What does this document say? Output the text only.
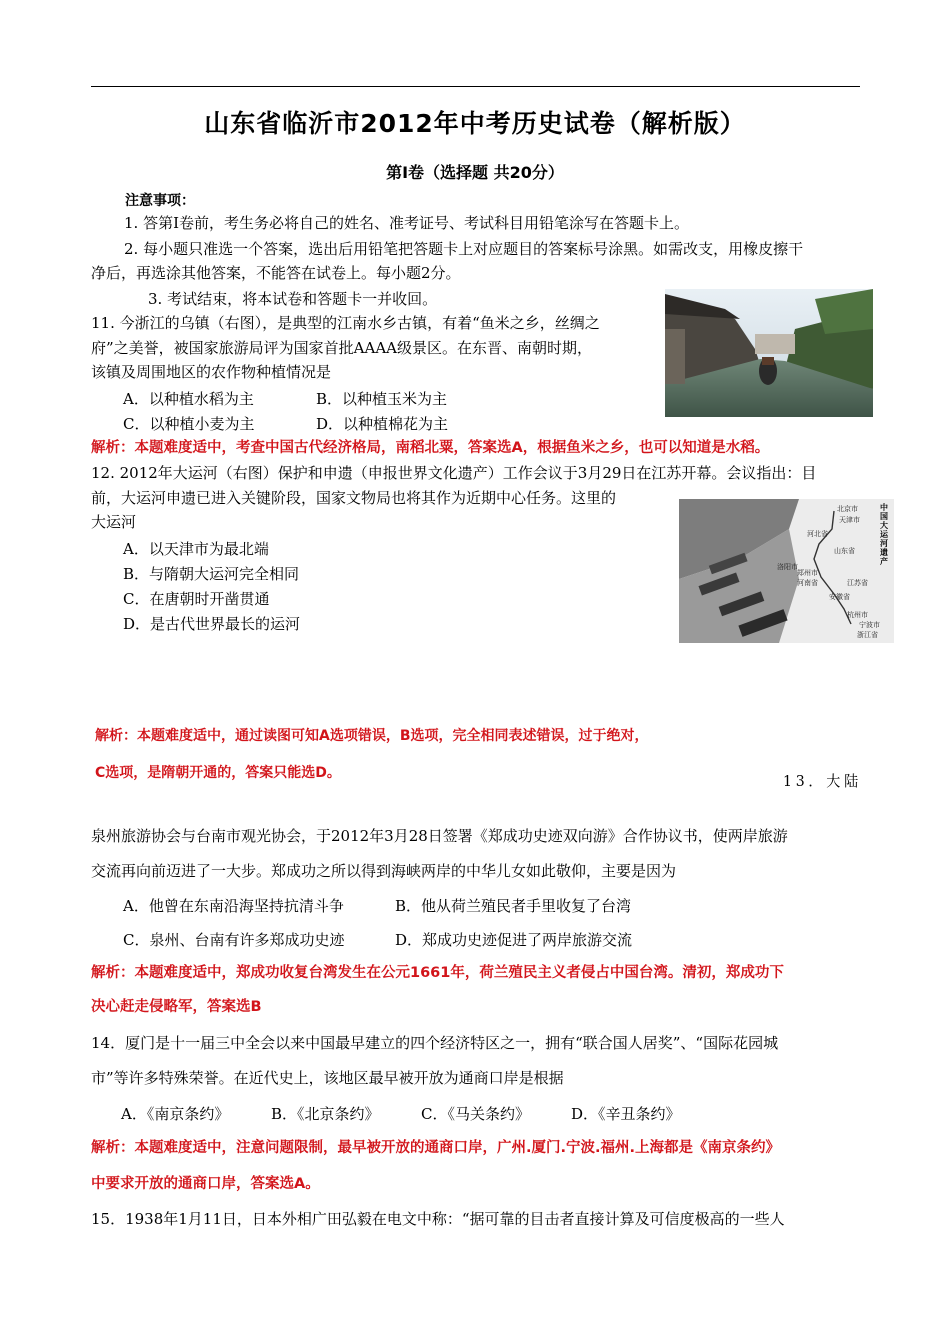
山东省临沂市2012年中考历史试卷（解析版）
第Ⅰ卷（选择题 共20分）
注意事项：
1. 答第Ⅰ卷前，考生务必将自己的姓名、准考证号、考试科目用铅笔涂写在答题卡上。
2. 每小题只准选一个答案，选出后用铅笔把答题卡上对应题目的答案标号涂黑。如需改支，用橡皮擦干
净后，再选涂其他答案，不能答在试卷上。每小题2分。
3. 考试结束，将本试卷和答题卡一并收回。
11. 今浙江的乌镇（右图），是典型的江南水乡古镇，有着“鱼米之乡，丝绸之
府”之美誉，被国家旅游局评为国家首批AAAA级景区。在东晋、南朝时期，
该镇及周围地区的农作物种植情况是
A．以种植水稻为主	B．以种植玉米为主
C．以种植小麦为主	D．以种植棉花为主
解析：本题难度适中，考查中国古代经济格局，南稻北粟，答案选A，根据鱼米之乡，也可以知道是水稻。
12. 2012年大运河（右图）保护和申遗（申报世界文化遗产）工作会议于3月29日在江苏开幕。会议指出：目
前，大运河申遗已进入关键阶段，国家文物局也将其作为近期中心任务。这里的
大运河
A．以天津市为最北端
B．与隋朝大运河完全相同
C．在唐朝时开凿贯通
D．是古代世界最长的运河
北京市
天津市
河北省
山东省
洛阳市
郑州市
河南省	江苏省
安徽省
杭州市
宁波市
浙江省
中国大运河遗产
解析：本题难度适中，通过读图可知A选项错误，B选项，完全相同表述错误，过于绝对，
C选项，是隋朝开通的，答案只能选D。	13．大陆
泉州旅游协会与台南市观光协会，于2012年3月28日签署《郑成功史迹双向游》合作协议书，使两岸旅游
交流再向前迈进了一大步。郑成功之所以得到海峡两岸的中华儿女如此敬仰，主要是因为
A．他曾在东南沿海坚持抗清斗争	B．他从荷兰殖民者手里收复了台湾
C．泉州、台南有许多郑成功史迹	D．郑成功史迹促进了两岸旅游交流
解析：本题难度适中，郑成功收复台湾发生在公元1661年，荷兰殖民主义者侵占中国台湾。清初，郑成功下
决心赶走侵略军，答案选B
14．厦门是十一届三中全会以来中国最早建立的四个经济特区之一，拥有“联合国人居奖”、“国际花园城
市”等许多特殊荣誉。在近代史上，该地区最早被开放为通商口岸是根据
A．《南京条约》	B．《北京条约》	C．《马关条约》	D．《辛丑条约》
解析：本题难度适中，注意问题限制，最早被开放的通商口岸，广州.厦门.宁波.福州.上海都是《南京条约》
中要求开放的通商口岸，答案选A。
15．1938年1月11日，日本外相广田弘毅在电文中称：“据可靠的目击者直接计算及可信度极高的一些人
